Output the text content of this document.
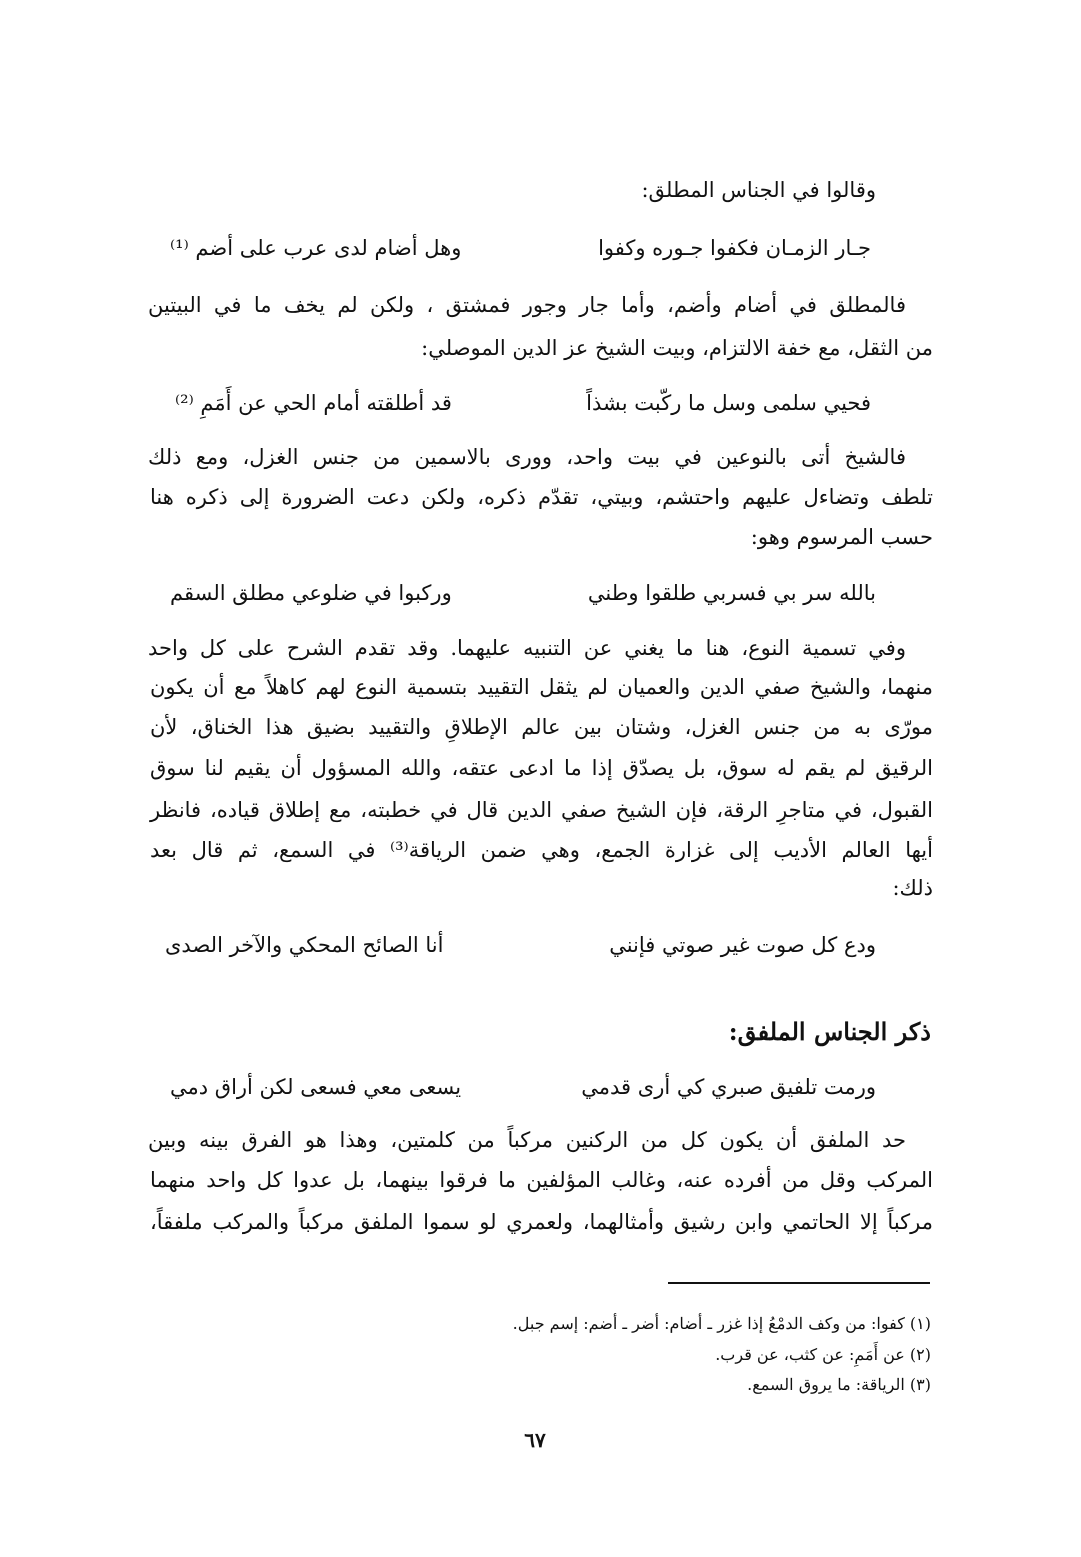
وقالوا في الجناس المطلق:
جـار الزمـان فكفوا جـوره وكفوا
وهل أضام لدى عرب على أضم ⁽¹⁾
فالمطلق في أضام وأضم، وأما جار وجور فمشتق ، ولكن لم يخف ما في البيتين
من الثقل، مع خفة الالتزام، وبيت الشيخ عز الدين الموصلي:
فحيي سلمى وسل ما ركّبت بشذاً
قد أطلقته أمام الحي عن أَمَمِ ⁽²⁾
فالشيخ أتى بالنوعين في بيت واحد، وورى بالاسمين من جنس الغزل، ومع ذلك
تلطف وتضاءل عليهم واحتشم، وبيتي، تقدّم ذكره، ولكن دعت الضرورة إلى ذكره هنا
حسب المرسوم وهو:
بالله سر بي فسربي طلقوا وطني
وركبوا في ضلوعي مطلق السقم
وفي تسمية النوع، هنا ما يغني عن التنبيه عليهما. وقد تقدم الشرح على كل واحد
منهما، والشيخ صفي الدين والعميان لم يثقل التقييد بتسمية النوع لهم كاهلاً مع أن يكون
مورّى به من جنس الغزل، وشتان بين عالم الإطلاقِ والتقييد بضيق هذا الخناق، لأن
الرقيق لم يقم له سوق، بل يصدّق إذا ما ادعى عتقه، والله المسؤول أن يقيم لنا سوق
القبول، في متاجرِ الرقة، فإن الشيخ صفي الدين قال في خطبته، مع إطلاق قياده، فانظر
أيها العالم الأديب إلى غزارة الجمع، وهي ضمن الرياقة⁽³⁾ في السمع، ثم قال بعد
ذلك:
ودع كل صوت غير صوتي فإنني
أنا الصائح المحكي والآخر الصدى
ذكر الجناس الملفق:
ورمت تلفيق صبري كي أرى قدمي
يسعى معي فسعى لكن أراق دمي
حد الملفق أن يكون كل من الركنين مركباً من كلمتين، وهذا هو الفرق بينه وبين
المركب وقل من أفرده عنه، وغالب المؤلفين ما فرقوا بينهما، بل عدوا كل واحد منهما
مركباً إلا الحاتمي وابن رشيق وأمثالهما، ولعمري لو سموا الملفق مركباً والمركب ملفقاً،
(١) كفوا: من وكف الدمْعُ إذا غزر ـ أضام: أضر ـ أضم: إسم جبل.
(٢) عن أَمَمِ: عن كثب، عن قرب.
(٣) الرياقة: ما يروق السمع.
٦٧
